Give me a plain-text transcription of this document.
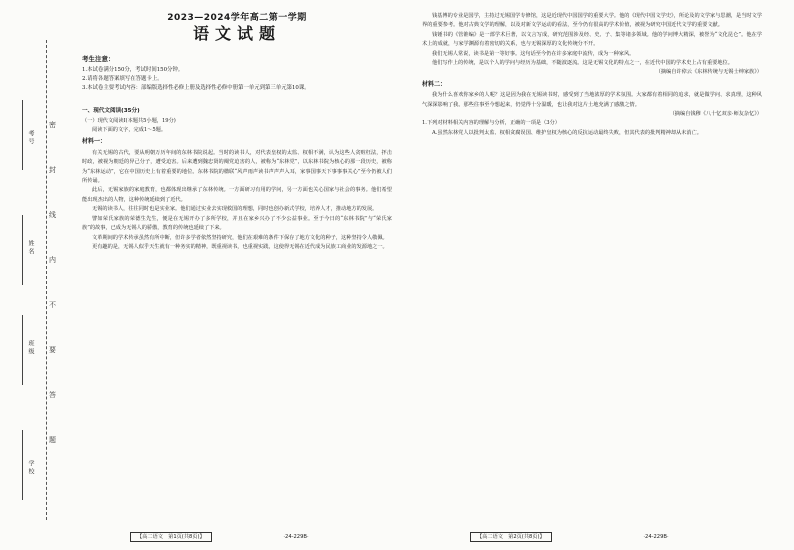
考号
姓名
班级
学校
密
封
线
内
不
要
答
题
2023—2024学年高二第一学期
语文试题
考生注意：
1.本试卷满分150分，考试时间150分钟。
2.请将各题答案填写在答题卡上。
3.本试卷主要考试内容：部编版选择性必修上册及选择性必修中册第一单元到第三单元第10课。
一、现代文阅读(35分)
（一）现代文阅读Ⅰ(本题共5小题，19分)
阅读下面的文字，完成1～5题。
材料一：
有关无锡的古代，要从明朝万历年间的东林书院说起。当时的读书人，对代表皇权的太监、权相不满，认为这些人贪赃枉法，抨击时政，被视为朝廷的异己分子，遭受迫害。后来遭到魏忠贤的阉党迫害的人，被称为“东林党”，以东林书院为核心的那一段历史，被称为“东林运动”，它在中国历史上有着重要的地位。东林书院的楹联“风声雨声读书声声声入耳，家事国事天下事事事关心”至今仍被人们所传诵。
此后，无锡家族的家庭教育，也都体现出继承了东林传统。一方面研习有用的学问，另一方面也关心国家与社会的事务。他们希望能出现杰出的人物，这种传统延续到了近代。
无锡的读书人，往往同时也是实业家。他们通过实业去实现救国的理想，同时也创办新式学校，培养人才，推动地方的发展。
譬如荣氏家族的荣德生先生，便是在无锡开办了多所学校，并且在家乡兴办了不少公益事业。至于今日的“东林书院”与“荣氏家族”的故事，已成为无锡人的骄傲，教育的传统也延续了下来。
文革期间的学术传承虽然有所中断，但许多学者依然坚持研究，他们在艰难的条件下保存了地方文化的种子，这种坚持令人敬佩。
更有趣的是，无锡人似乎天生就有一种务实的精神，既重视读书，也重视实践，这使得无锡在近代成为民族工商业的发源地之一。
【高二语文　第1页(共8页)】	·24-229B·
钱基博的专业是国学，主持过无锡国学专修馆，这是近现代中国国学的重要大学。他的《现代中国文学史》，所论及的文学家与思潮，是当时文学界的重要参考。他对古典文学的理解，以及对新文学运动的看法，至今仍有很高的学术价值，被视为研究中国近代文学的重要文献。
钱锺书的《管锥编》是一部学术巨著，以文言写成，研究范围涉及经、史、子、集等诸多领域。他的学问博大精深，被誉为“文化昆仑”。他在学术上的成就，与家学渊源有着密切的关系，也与无锡深厚的文化传统分不开。
我们无锡人常说，读书是第一等好事。这句话至今仍在许多家庭中流传，成为一种家风。
他们写作上的传统，是以个人的学问与经历为基础，不随波逐流。这是无锡文化的特点之一，在近代中国的学术史上占有重要地位。
（摘编自许倬云《东林传统与无锡士绅家族》）
材料二：
我为什么喜欢你家乡的人呢？这是因为我在无锡读书时，感受到了当地浓厚的学术氛围。大家都有着相同的追求，就是做学问、求真理，这种风气深深影响了我。那些往事至今想起来，仍觉得十分温暖，也让我对这片土地充满了感激之情。
（摘编自钱穆《八十忆双亲·师友杂忆》）
1.下列对材料相关内容的理解与分析，正确的一项是（3分）
A.虽然东林党人以批判太监、权相贪腐误国、维护皇权为核心的反抗运动最终失败，但其代表的批判精神却从未消亡。
【高二语文　第2页(共8页)】	·24-229B·
